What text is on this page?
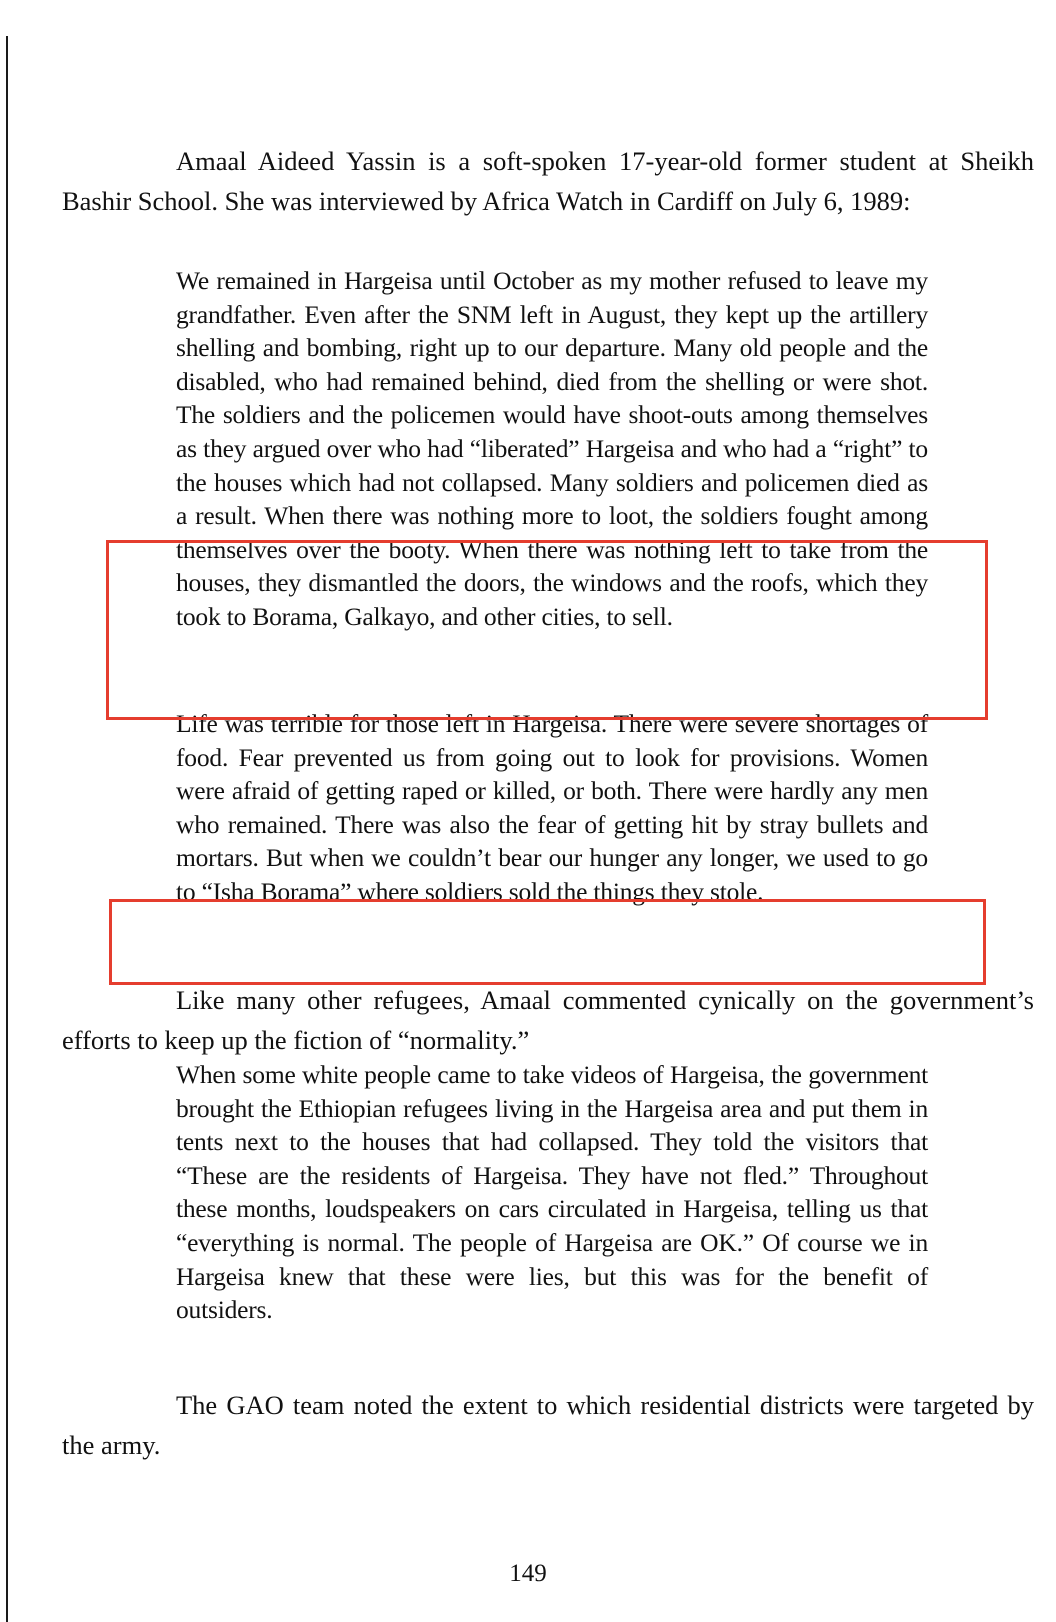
Amaal Aideed Yassin is a soft-spoken 17-year-old former student at Sheikh Bashir School. She was interviewed by Africa Watch in Cardiff on July 6, 1989:

We remained in Hargeisa until October as my mother refused to leave my grandfather. Even after the SNM left in August, they kept up the artillery shelling and bombing, right up to our departure. Many old people and the disabled, who had remained behind, died from the shelling or were shot. The soldiers and the policemen would have shoot-outs among themselves as they argued over who had “liberated” Hargeisa and who had a “right” to the houses which had not collapsed. Many soldiers and policemen died as a result. When there was nothing more to loot, the soldiers fought among themselves over the booty. When there was nothing left to take from the houses, they dismantled the doors, the windows and the roofs, which they took to Borama, Galkayo, and other cities, to sell.

Life was terrible for those left in Hargeisa. There were severe shortages of food. Fear prevented us from going out to look for provisions. Women were afraid of getting raped or killed, or both. There were hardly any men who remained. There was also the fear of getting hit by stray bullets and mortars. But when we couldn’t bear our hunger any longer, we used to go to “Isha Borama” where soldiers sold the things they stole.

Like many other refugees, Amaal commented cynically on the government’s efforts to keep up the fiction of “normality.”

When some white people came to take videos of Hargeisa, the government brought the Ethiopian refugees living in the Hargeisa area and put them in tents next to the houses that had collapsed. They told the visitors that “These are the residents of Hargeisa. They have not fled.” Throughout these months, loudspeakers on cars circulated in Hargeisa, telling us that “everything is normal. The people of Hargeisa are OK.” Of course we in Hargeisa knew that these were lies, but this was for the benefit of outsiders.

The GAO team noted the extent to which residential districts were targeted by the army.

149
